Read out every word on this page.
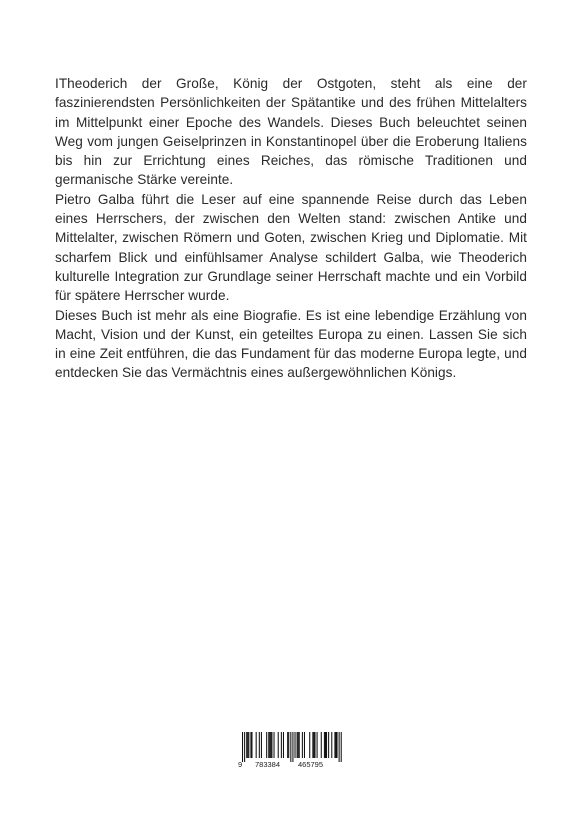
ITheoderich der Große, König der Ostgoten, steht als eine der faszinierendsten Persönlichkeiten der Spätantike und des frühen Mittelalters im Mittelpunkt einer Epoche des Wandels. Dieses Buch beleuchtet seinen Weg vom jungen Geiselprinzen in Konstantinopel über die Eroberung Italiens bis hin zur Errichtung eines Reiches, das römische Traditionen und germanische Stärke vereinte.

Pietro Galba führt die Leser auf eine spannende Reise durch das Leben eines Herrschers, der zwischen den Welten stand: zwischen Antike und Mittelalter, zwischen Römern und Goten, zwischen Krieg und Diplomatie. Mit scharfem Blick und einfühlsamer Analyse schildert Galba, wie Theoderich kulturelle Integration zur Grundlage seiner Herrschaft machte und ein Vorbild für spätere Herrscher wurde.

Dieses Buch ist mehr als eine Biografie. Es ist eine lebendige Erzählung von Macht, Vision und der Kunst, ein geteiltes Europa zu einen. Lassen Sie sich in eine Zeit entführen, die das Fundament für das moderne Europa legte, und entdecken Sie das Vermächtnis eines außergewöhnlichen Königs.

9 783384 465795
